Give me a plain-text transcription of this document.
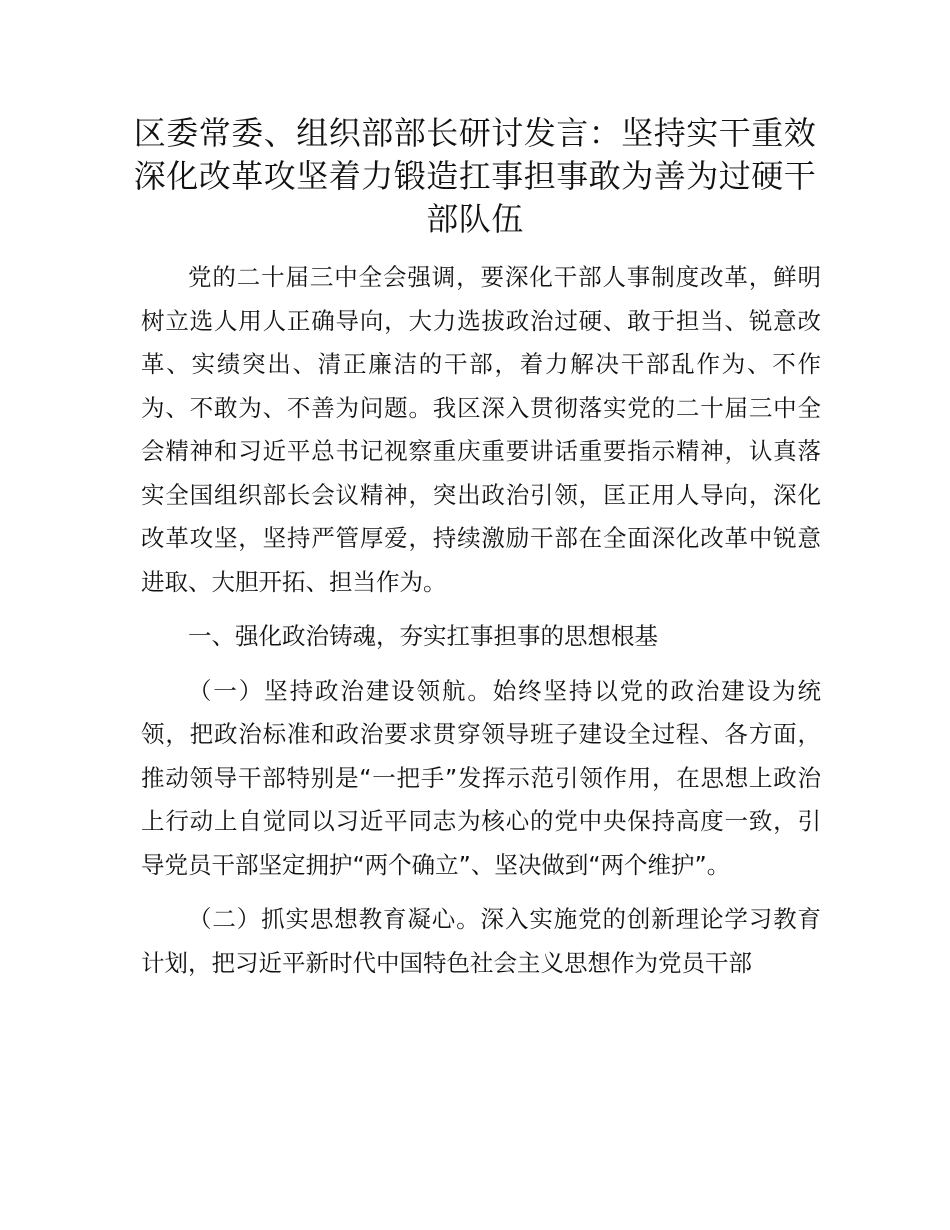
区委常委、组织部部长研讨发言：坚持实干重效深化改革攻坚着力锻造扛事担事敢为善为过硬干部队伍

党的二十届三中全会强调，要深化干部人事制度改革，鲜明树立选人用人正确导向，大力选拔政治过硬、敢于担当、锐意改革、实绩突出、清正廉洁的干部，着力解决干部乱作为、不作为、不敢为、不善为问题。我区深入贯彻落实党的二十届三中全会精神和习近平总书记视察重庆重要讲话重要指示精神，认真落实全国组织部长会议精神，突出政治引领，匡正用人导向，深化改革攻坚，坚持严管厚爱，持续激励干部在全面深化改革中锐意进取、大胆开拓、担当作为。

一、强化政治铸魂，夯实扛事担事的思想根基

（一）坚持政治建设领航。始终坚持以党的政治建设为统领，把政治标准和政治要求贯穿领导班子建设全过程、各方面，推动领导干部特别是“一把手”发挥示范引领作用，在思想上政治上行动上自觉同以习近平同志为核心的党中央保持高度一致，引导党员干部坚定拥护“两个确立”、坚决做到“两个维护”。

（二）抓实思想教育凝心。深入实施党的创新理论学习教育计划，把习近平新时代中国特色社会主义思想作为党员干部
